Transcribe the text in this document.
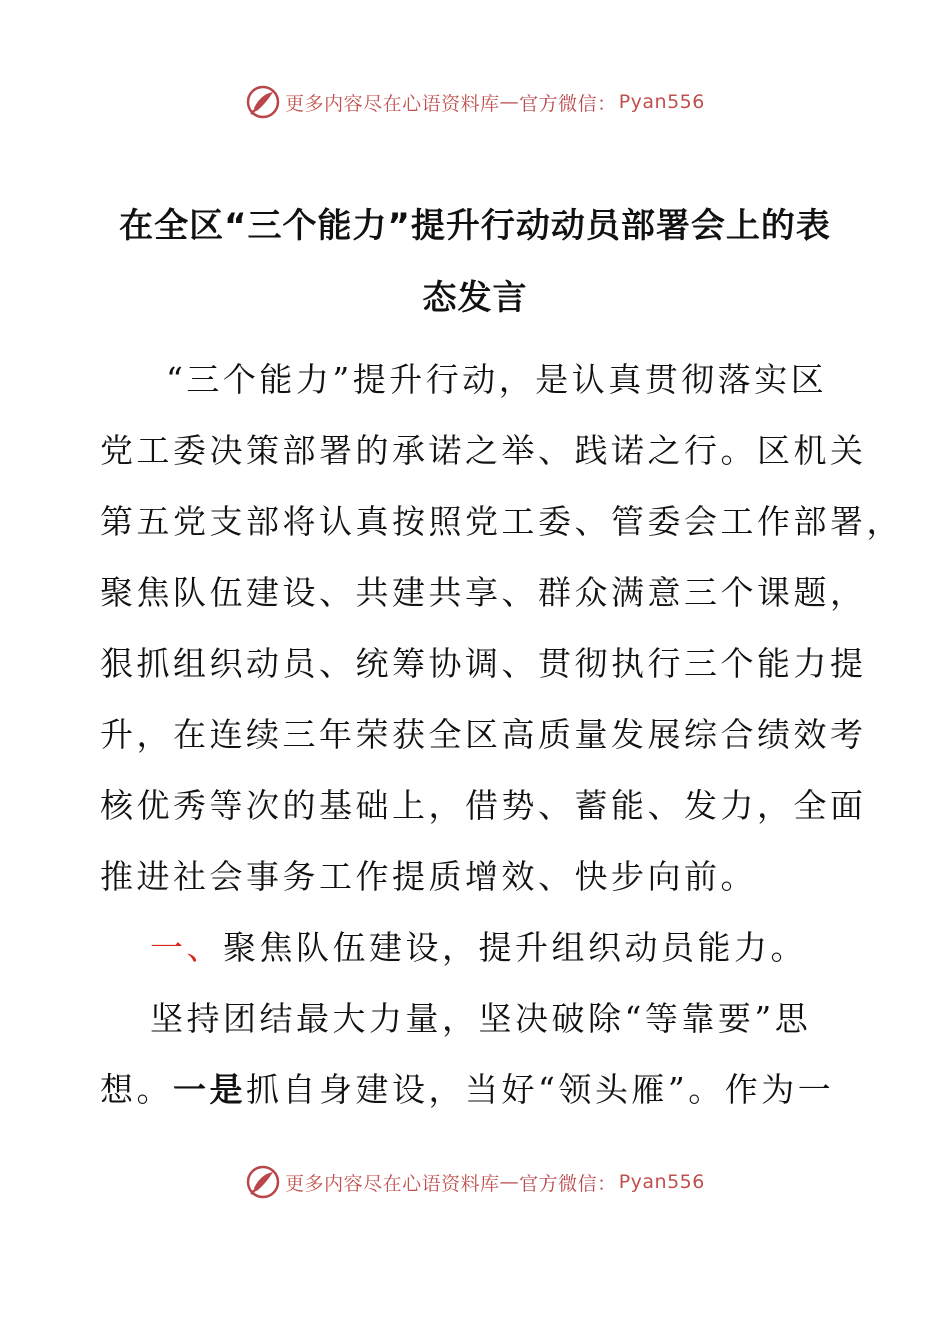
更多内容尽在心语资料库 — 官方微信： Pyan556
在全区“三个能力”提升行动动员部署会上的表
态发言
“三个能力”提升行动，是认真贯彻落实区
党工委决策部署的承诺之举、践诺之行。区机关
第五党支部将认真按照党工委、管委会工作部署，
聚焦队伍建设、共建共享、群众满意三个课题，
狠抓组织动员、统筹协调、贯彻执行三个能力提
升，在连续三年荣获全区高质量发展综合绩效考
核优秀等次的基础上，借势、蓄能、发力，全面
推进社会事务工作提质增效、快步向前。
一、聚焦队伍建设，提升组织动员能力。
坚持团结最大力量，坚决破除“等靠要”思
想。一是抓自身建设，当好“领头雁”。作为一
更多内容尽在心语资料库 — 官方微信： Pyan556
